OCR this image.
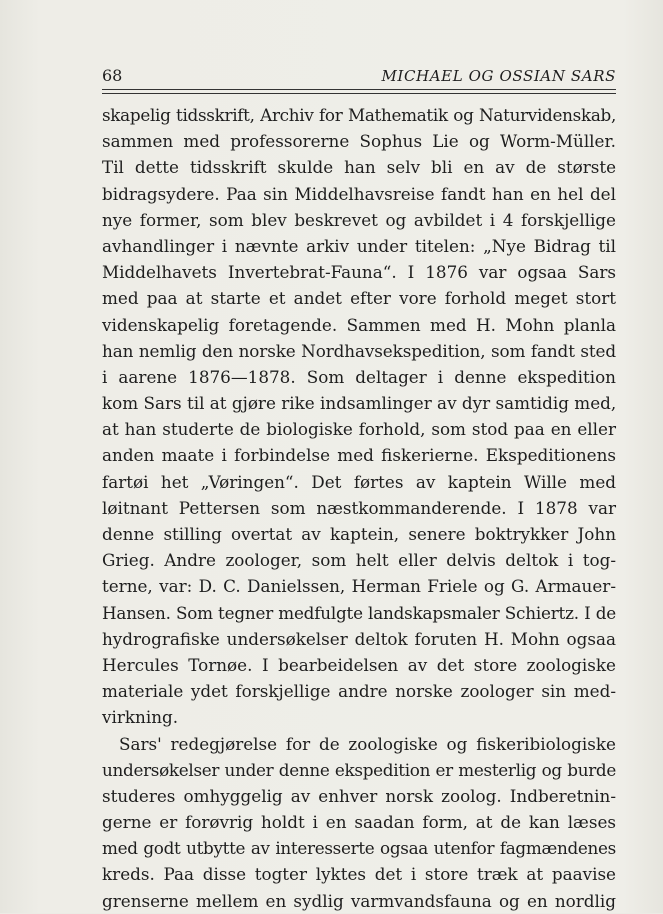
68	MICHAEL OG OSSIAN SARS
skapelig tidsskrift, Archiv for Mathematik og Naturvidenskab,
sammen med professorerne Sophus Lie og Worm-Müller.
Til dette tidsskrift skulde han selv bli en av de største
bidragsydere. Paa sin Middelhavsreise fandt han en hel del
nye former, som blev beskrevet og avbildet i 4 forskjellige
avhandlinger i nævnte arkiv under titelen: „Nye Bidrag til
Middelhavets Invertebrat-Fauna“. I 1876 var ogsaa Sars
med paa at starte et andet efter vore forhold meget stort
videnskapelig foretagende. Sammen med H. Mohn planla
han nemlig den norske Nordhavsekspedition, som fandt sted
i aarene 1876—1878. Som deltager i denne ekspedition
kom Sars til at gjøre rike indsamlinger av dyr samtidig med,
at han studerte de biologiske forhold, som stod paa en eller
anden maate i forbindelse med fiskerierne. Ekspeditionens
fartøi het „Vøringen“. Det førtes av kaptein Wille med
løitnant Pettersen som næstkommanderende. I 1878 var
denne stilling overtat av kaptein, senere boktrykker John
Grieg. Andre zoologer, som helt eller delvis deltok i tog-
terne, var: D. C. Danielssen, Herman Friele og G. Armauer-
Hansen. Som tegner medfulgte landskapsmaler Schiertz. I de
hydrografiske undersøkelser deltok foruten H. Mohn ogsaa
Hercules Tornøe. I bearbeidelsen av det store zoologiske
materiale ydet forskjellige andre norske zoologer sin med-
virkning.
Sars' redegjørelse for de zoologiske og fiskeribiologiske
undersøkelser under denne ekspedition er mesterlig og burde
studeres omhyggelig av enhver norsk zoolog. Indberetnin-
gerne er forøvrig holdt i en saadan form, at de kan læses
med godt utbytte av interesserte ogsaa utenfor fagmændenes
kreds. Paa disse togter lyktes det i store træk at paavise
grenserne mellem en sydlig varmvandsfauna og en nordlig
